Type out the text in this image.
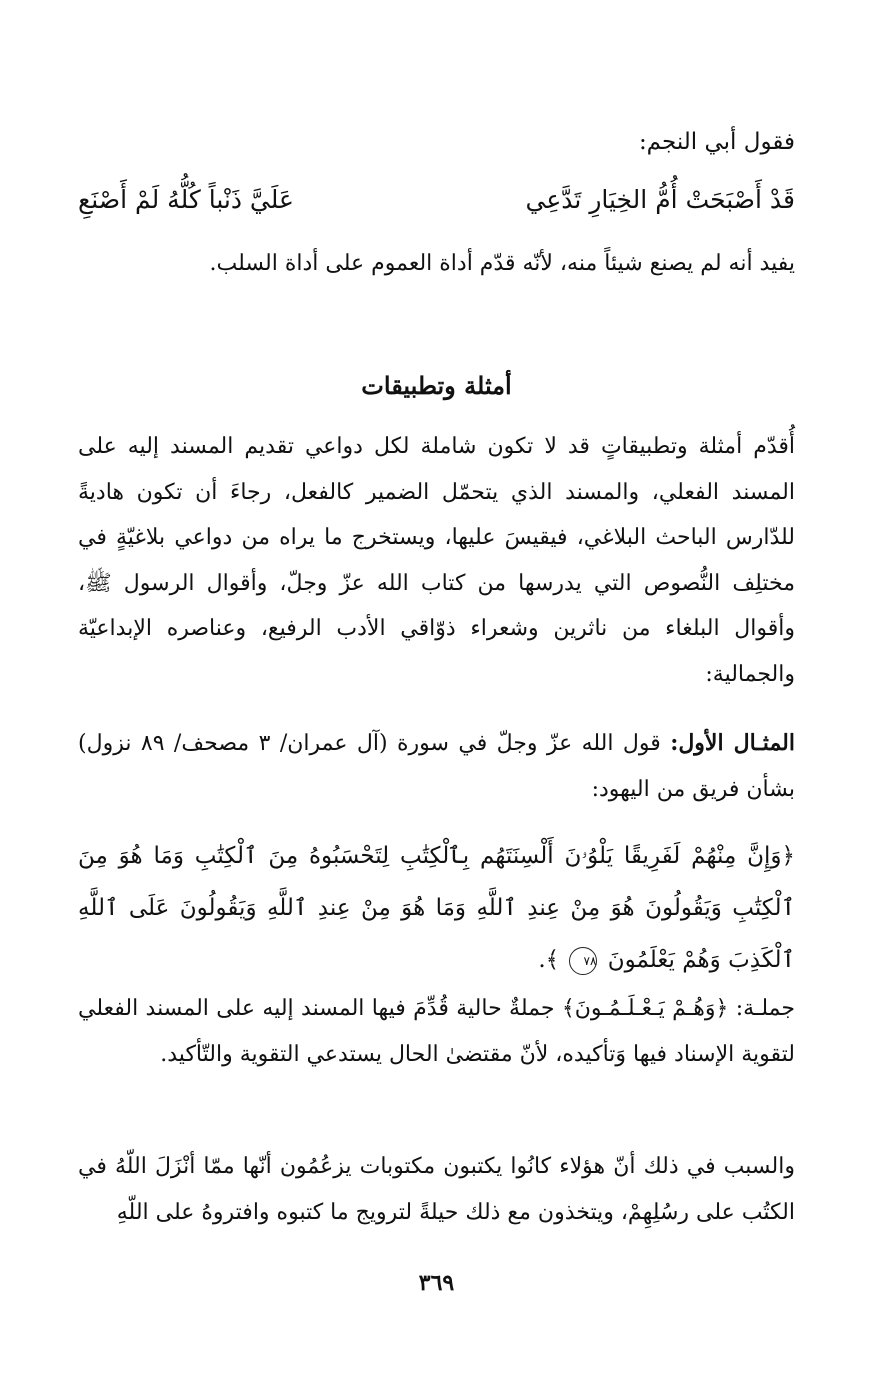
فقول أبي النجم:
قَدْ أَصْبَحَتْ أُمُّ الخِيَارِ تَدَّعِي
عَلَيَّ ذَنْباً كُلُّهُ لَمْ أَصْنَعِ
يفيد أنه لم يصنع شيئاً منه، لأنّه قدّم أداة العموم على أداة السلب.
أمثلة وتطبيقات
أُقدّم أمثلة وتطبيقاتٍ قد لا تكون شاملة لكل دواعي تقديم المسند إليه على المسند الفعلي، والمسند الذي يتحمّل الضمير كالفعل، رجاءَ أن تكون هاديةً للدّارس الباحث البلاغي، فيقيسَ عليها، ويستخرج ما يراه من دواعي بلاغيّةٍ في مختلِف النُّصوص التي يدرسها من كتاب الله عزّ وجلّ، وأقوال الرسول ﷺ، وأقوال البلغاء من ناثرين وشعراء ذوّاقي الأدب الرفيع، وعناصره الإبداعيّة والجمالية:
المثـال الأول: قول الله عزّ وجلّ في سورة (آل عمران/ ٣ مصحف/ ٨٩ نزول) بشأن فريق من اليهود:
﴿وَإِنَّ مِنْهُمْ لَفَرِيقًا يَلْوُۥنَ أَلْسِنَتَهُم بِٱلْكِتَٰبِ لِتَحْسَبُوهُ مِنَ ٱلْكِتَٰبِ وَمَا هُوَ مِنَ ٱلْكِتَٰبِ وَيَقُولُونَ هُوَ مِنْ عِندِ ٱللَّهِ وَمَا هُوَ مِنْ عِندِ ٱللَّهِ وَيَقُولُونَ عَلَى ٱللَّهِ ٱلْكَذِبَ وَهُمْ يَعْلَمُونَ ٧٨ ﴾.
جملـة: ﴿وَهُـمْ يَـعْـلَـمُـونَ﴾ جملةٌ حالية قُدِّمَ فيها المسند إليه على المسند الفعلي لتقوية الإسناد فيها وَتأكيده، لأنّ مقتضىٰ الحال يستدعي التقوية والتّأكيد.
والسبب في ذلك أنّ هؤلاء كانُوا يكتبون مكتوبات يزعُمُون أنّها ممّا أنْزَلَ اللّهُ في الكتُب على رسُلِهِمْ، ويتخذون مع ذلك حيلةً لترويج ما كتبوه وافتروهُ على اللّهِ
٣٦٩
